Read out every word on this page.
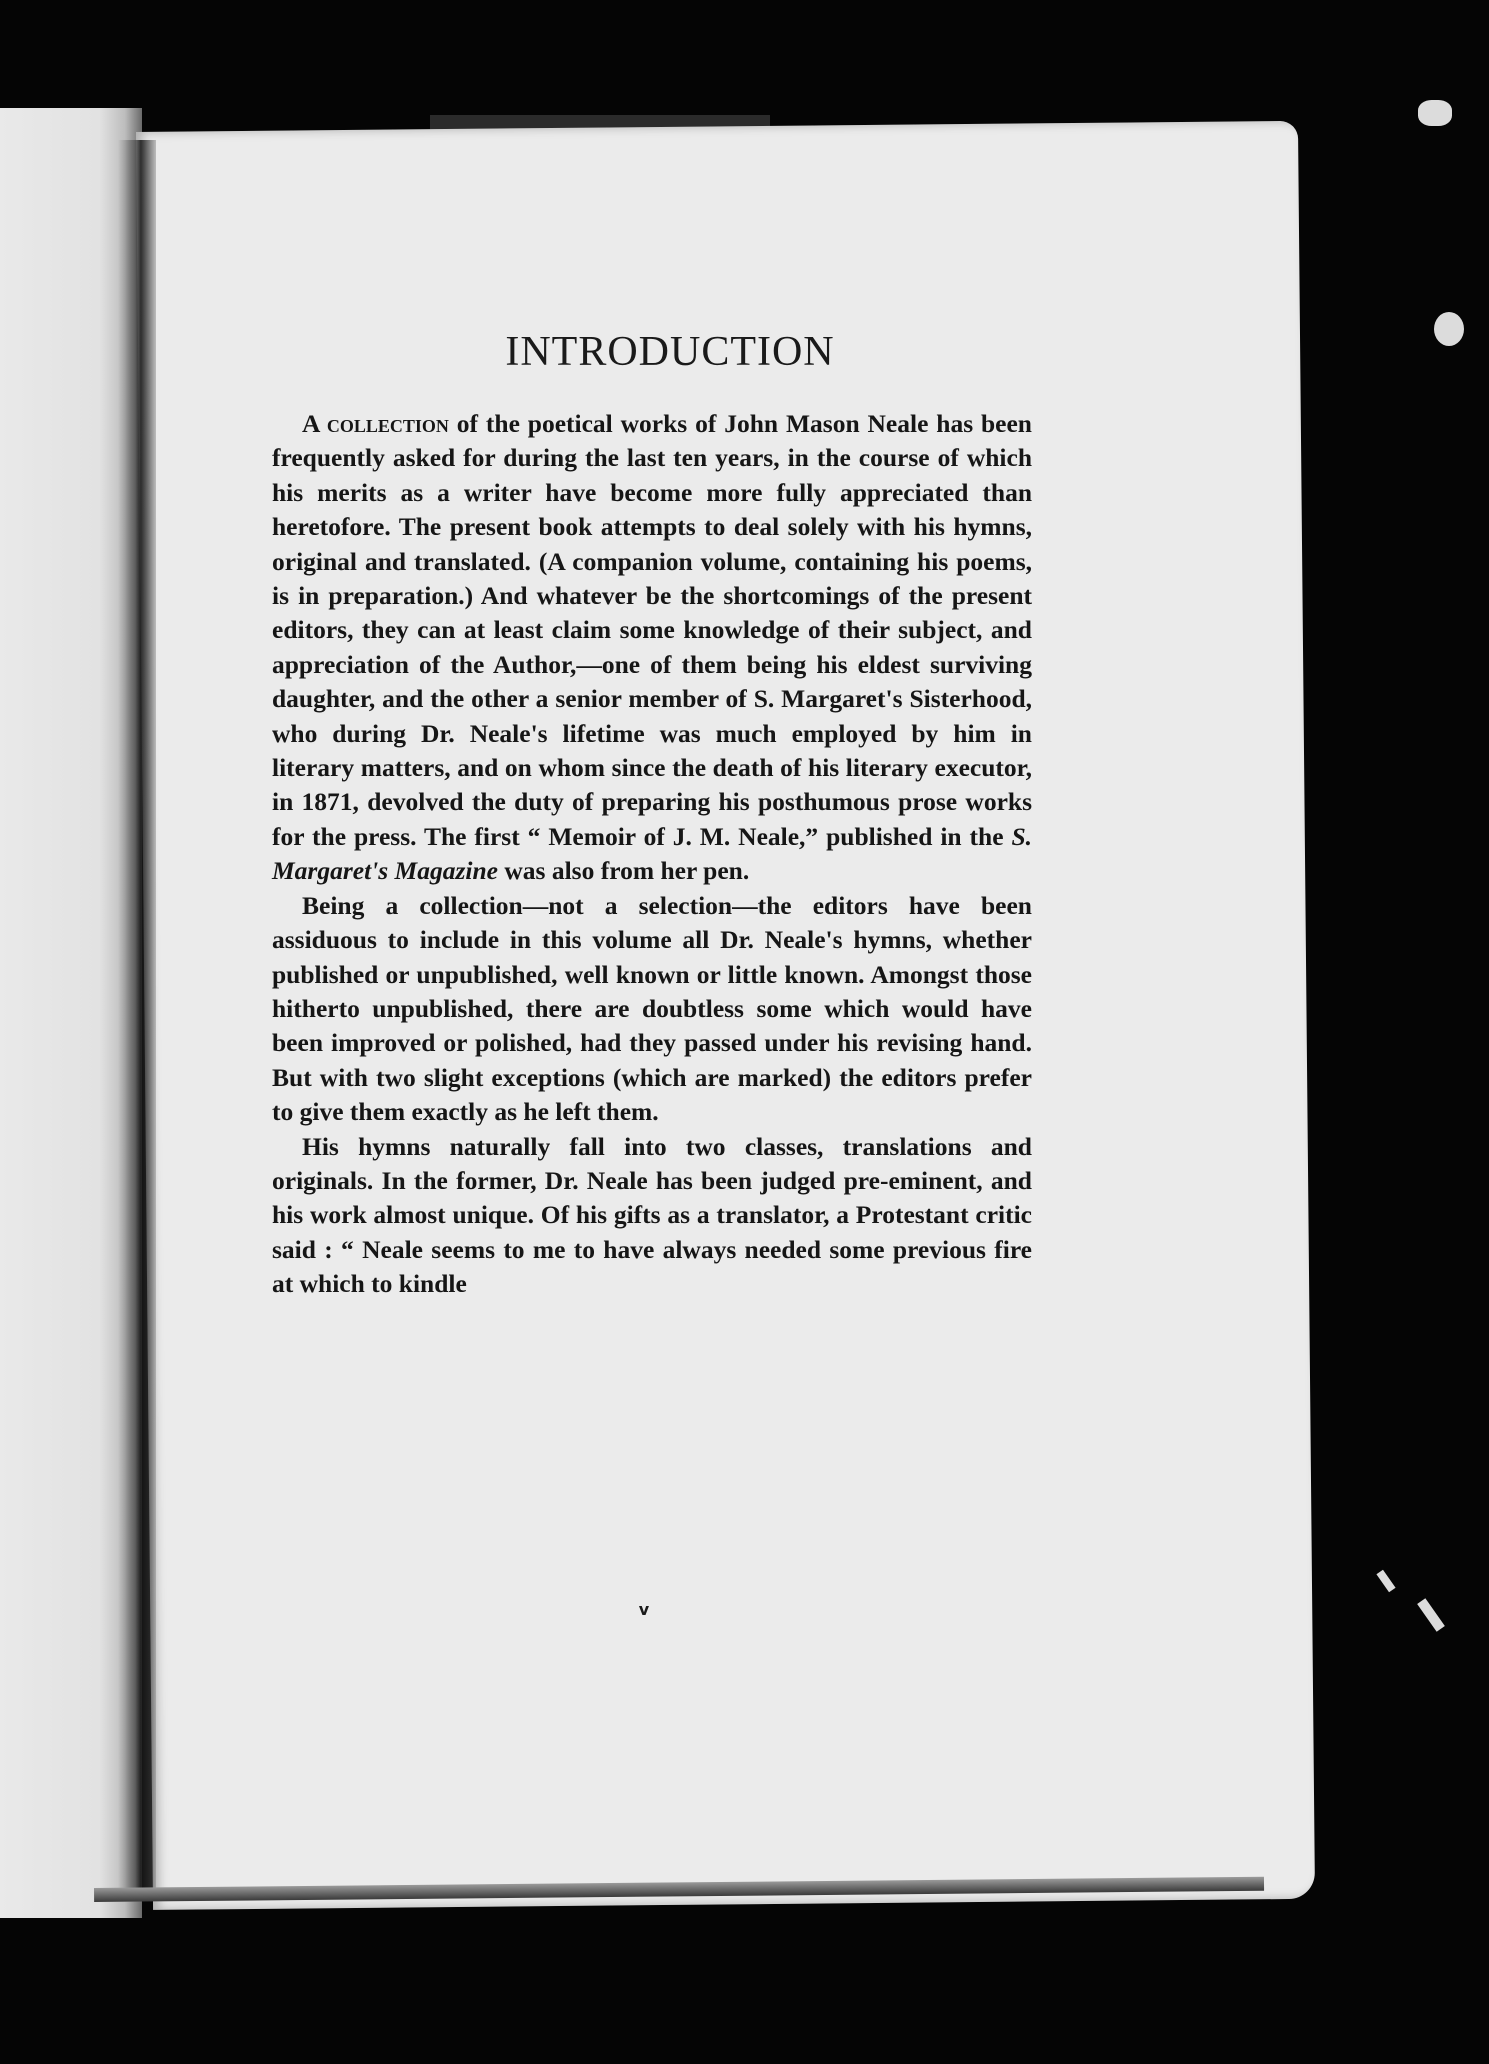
INTRODUCTION

A collection of the poetical works of John Mason Neale has been frequently asked for during the last ten years, in the course of which his merits as a writer have become more fully appreciated than heretofore. The present book attempts to deal solely with his hymns, original and translated. (A companion volume, containing his poems, is in preparation.) And whatever be the shortcomings of the present editors, they can at least claim some knowledge of their subject, and appreciation of the Author,—one of them being his eldest surviving daughter, and the other a senior member of S. Margaret's Sisterhood, who during Dr. Neale's lifetime was much employed by him in literary matters, and on whom since the death of his literary executor, in 1871, devolved the duty of preparing his posthumous prose works for the press. The first “ Memoir of J. M. Neale,” published in the S. Margaret's Magazine was also from her pen.

Being a collection—not a selection—the editors have been assiduous to include in this volume all Dr. Neale's hymns, whether published or unpublished, well known or little known. Amongst those hitherto unpublished, there are doubtless some which would have been improved or polished, had they passed under his revising hand. But with two slight exceptions (which are marked) the editors prefer to give them exactly as he left them.

His hymns naturally fall into two classes, translations and originals. In the former, Dr. Neale has been judged pre-eminent, and his work almost unique. Of his gifts as a translator, a Protestant critic said : “ Neale seems to me to have always needed some previous fire at which to kindle

v
